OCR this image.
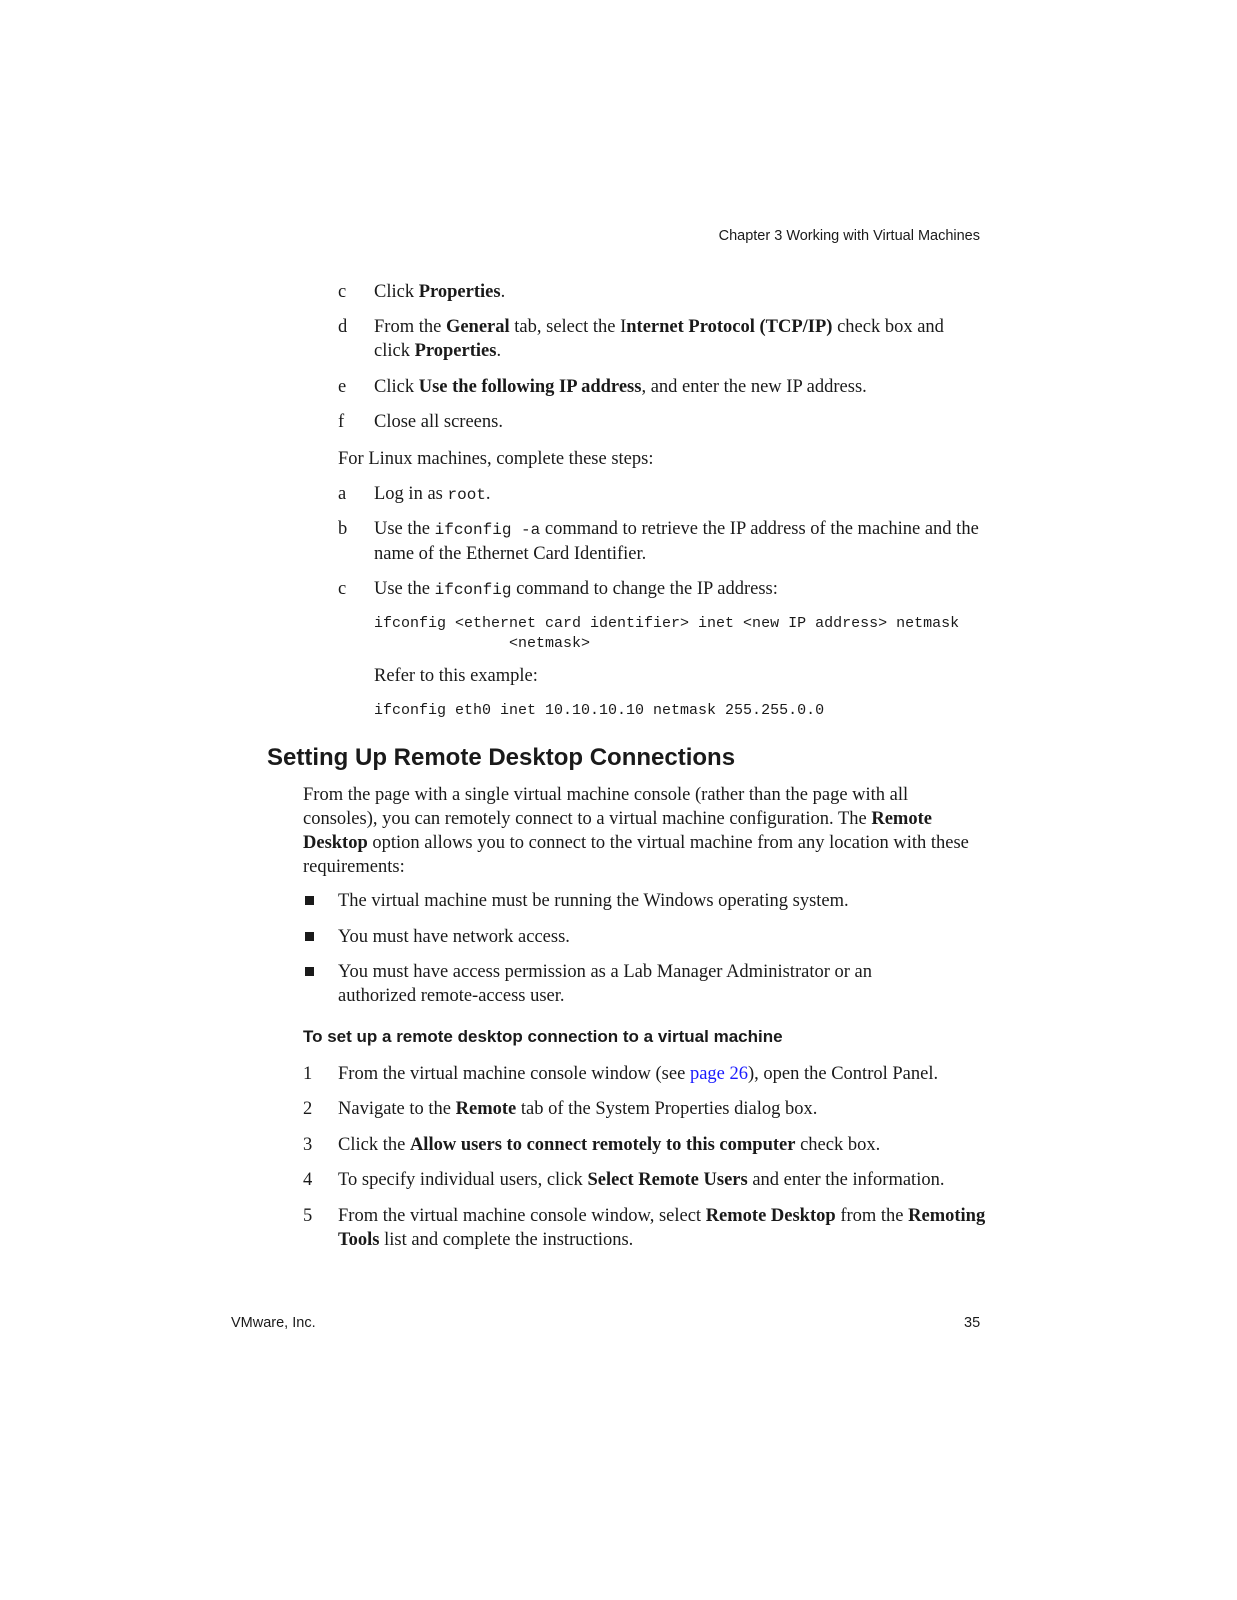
Chapter 3 Working with Virtual Machines
c	Click Properties.
d	From the General tab, select the Internet Protocol (TCP/IP) check box and click Properties.
e	Click Use the following IP address, and enter the new IP address.
f	Close all screens.
For Linux machines, complete these steps:
a	Log in as root.
b	Use the ifconfig -a command to retrieve the IP address of the machine and the name of the Ethernet Card Identifier.
c	Use the ifconfig command to change the IP address:
ifconfig <ethernet card identifier> inet <new IP address> netmask
<netmask>
Refer to this example:
ifconfig eth0 inet 10.10.10.10 netmask 255.255.0.0
Setting Up Remote Desktop Connections
From the page with a single virtual machine console (rather than the page with all consoles), you can remotely connect to a virtual machine configuration. The Remote Desktop option allows you to connect to the virtual machine from any location with these requirements:
The virtual machine must be running the Windows operating system.
You must have network access.
You must have access permission as a Lab Manager Administrator or an authorized remote-access user.
To set up a remote desktop connection to a virtual machine
1 From the virtual machine console window (see page 26), open the Control Panel.
2 Navigate to the Remote tab of the System Properties dialog box.
3 Click the Allow users to connect remotely to this computer check box.
4 To specify individual users, click Select Remote Users and enter the information.
5 From the virtual machine console window, select Remote Desktop from the Remoting Tools list and complete the instructions.
VMware, Inc.	35
